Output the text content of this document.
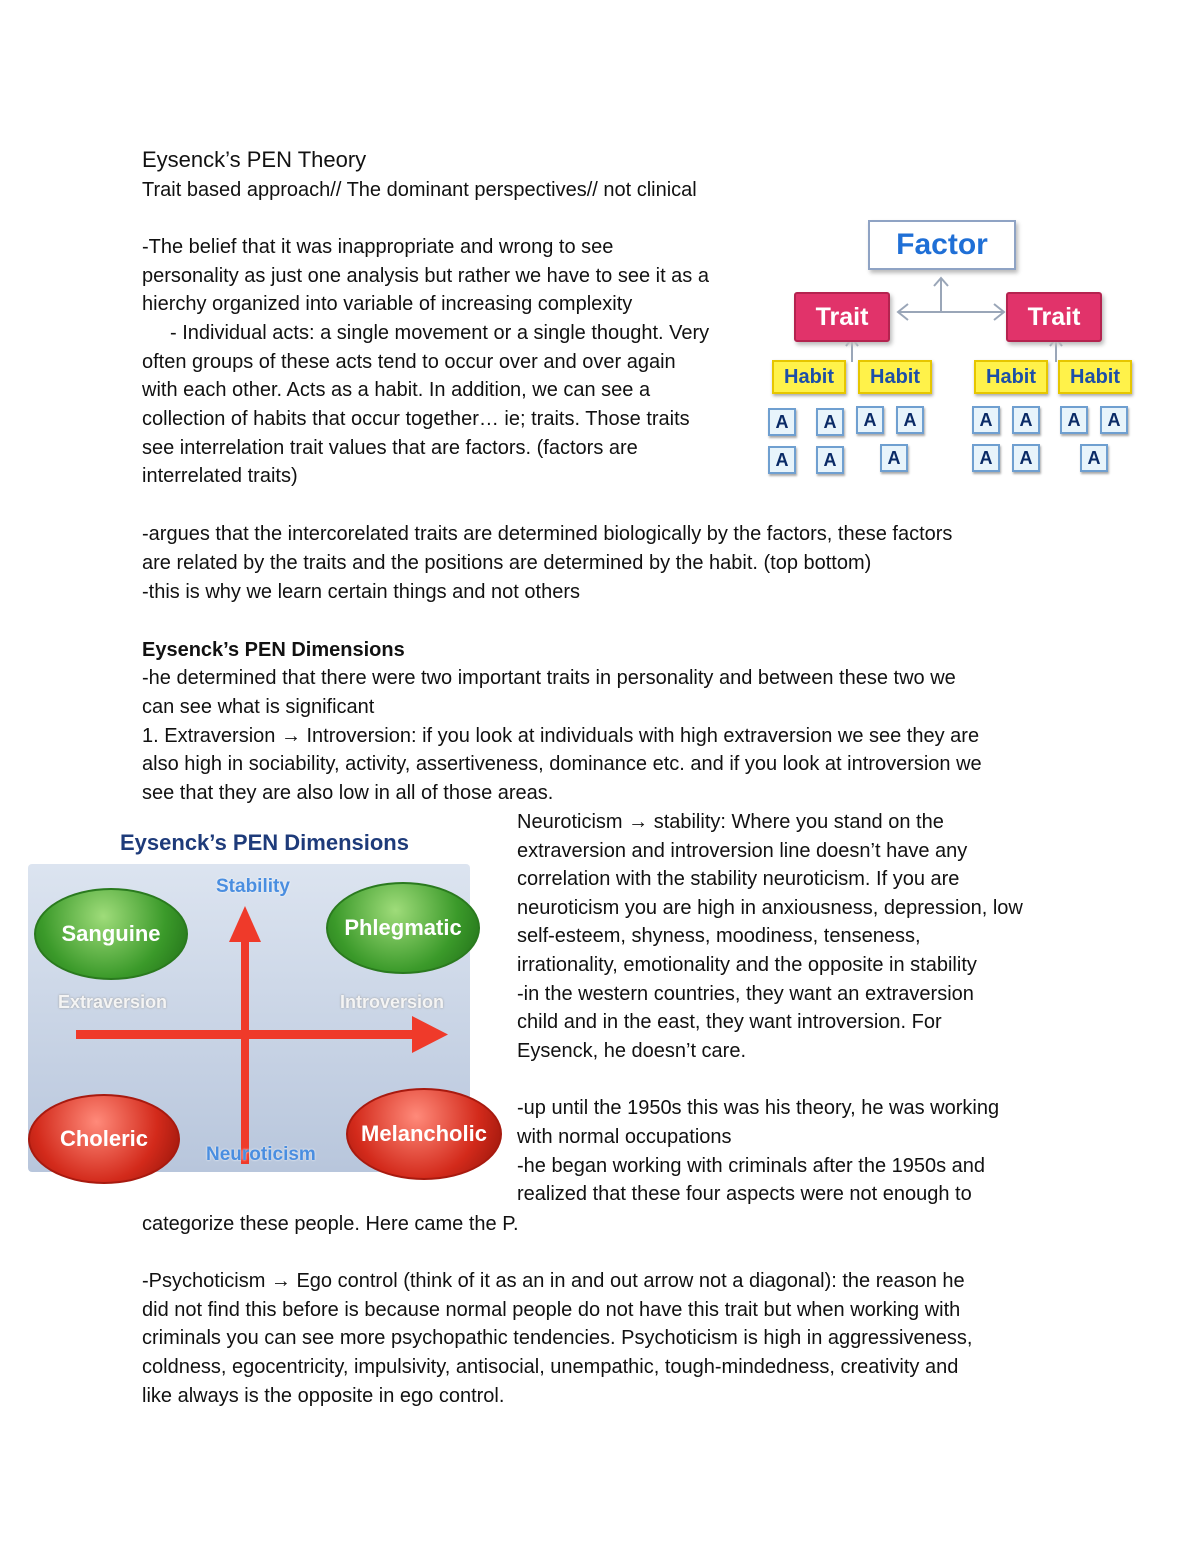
Eysenck’s PEN Theory
Trait based approach// The dominant perspectives// not clinical
-The belief that it was inappropriate and wrong to see
personality as just one analysis but rather we have to see it as a
hierchy organized into variable of increasing complexity
- Individual acts: a single movement or a single thought. Very
often groups of these acts tend to occur over and over again
with each other. Acts as a habit. In addition, we can see a
collection of habits that occur together… ie; traits. Those traits
see interrelation trait values that are factors. (factors are
interrelated traits)
Factor
Trait	Trait
Habit	Habit	Habit	Habit
A	A	A	A	A	A	A	A
A	A	A	A	A	A
-argues that the intercorelated traits are determined biologically by the factors, these factors
are related by the traits and the positions are determined by the habit. (top bottom)
-this is why we learn certain things and not others
Eysenck’s PEN Dimensions
-he determined that there were two important traits in personality and between these two we
can see what is significant
1. Extraversion → Introversion: if you look at individuals with high extraversion we see they are
also high in sociability, activity, assertiveness, dominance etc. and if you look at introversion we
see that they are also low in all of those areas.
Eysenck’s PEN Dimensions
Stability
Neuroticism
Extraversion	Introversion
Sanguine	Phlegmatic
Choleric	Melancholic
Neuroticism → stability: Where you stand on the
extraversion and introversion line doesn’t have any
correlation with the stability neuroticism. If you are
neuroticism you are high in anxiousness, depression, low
self-esteem, shyness, moodiness, tenseness,
irrationality, emotionality and the opposite in stability
-in the western countries, they want an extraversion
child and in the east, they want introversion. For
Eysenck, he doesn’t care.
-up until the 1950s this was his theory, he was working
with normal occupations
-he began working with criminals after the 1950s and
realized that these four aspects were not enough to
categorize these people. Here came the P.
-Psychoticism → Ego control (think of it as an in and out arrow not a diagonal): the reason he
did not find this before is because normal people do not have this trait but when working with
criminals you can see more psychopathic tendencies. Psychoticism is high in aggressiveness,
coldness, egocentricity, impulsivity, antisocial, unempathic, tough-mindedness, creativity and
like always is the opposite in ego control.
